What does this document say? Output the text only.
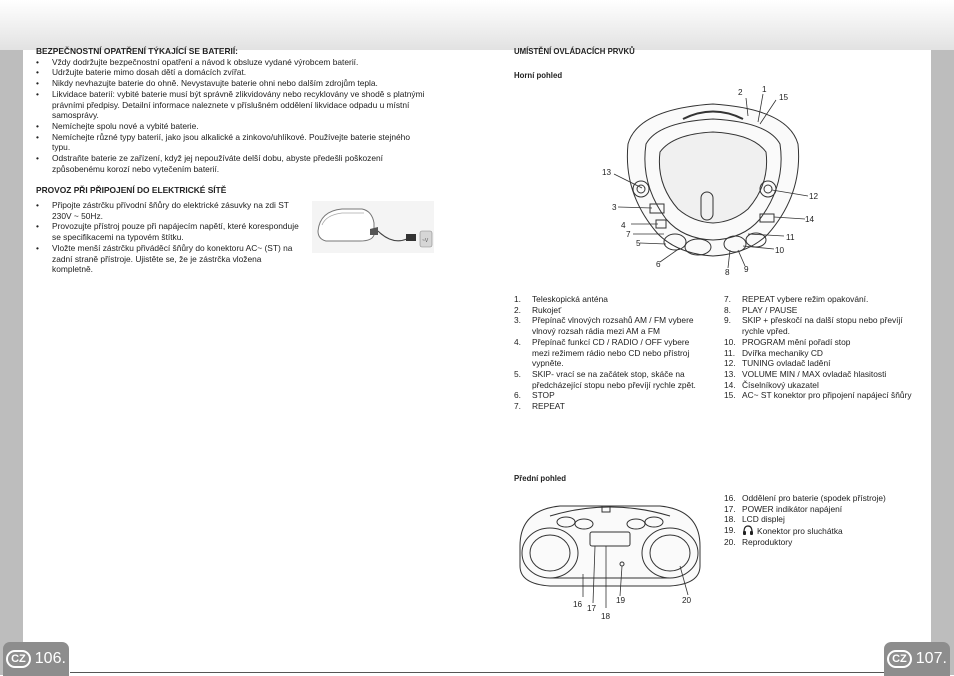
BEZPEČNOSTNÍ OPATŘENÍ TÝKAJÍCÍ SE BATERIÍ:

• Vždy dodržujte bezpečnostní opatření a návod k obsluze vydané výrobcem baterií.
• Udržujte baterie mimo dosah dětí a domácích zvířat.
• Nikdy nevhazujte baterie do ohně. Nevystavujte baterie ohni nebo dalším zdrojům tepla.
• Likvidace baterií: vybité baterie musí být správně zlikvidovány nebo recyklovány ve shodě s platnými právními předpisy. Detailní informace naleznete v příslušném oddělení likvidace odpadu u místní samosprávy.
• Nemíchejte spolu nové a vybité baterie.
• Nemíchejte různé typy baterií, jako jsou alkalické a zinkovo/uhlíkové. Používejte baterie stejného typu.
• Odstraňte baterie ze zařízení, když jej nepoužíváte delší dobu, abyste předešli poškození způsobenému korozí nebo vytečením baterií.

PROVOZ PŘI PŘIPOJENÍ DO ELEKTRICKÉ SÍTĚ

• Připojte zástrčku přívodní šňůry do elektrické zásuvky na zdi ST 230V ~ 50Hz.
• Provozujte přístroj pouze při napájecím napětí, které koresponduje se specifikacemi na typovém štítku.
• Vložte menší zástrčku přiváděcí šňůry do konektoru AC~ (ST) na zadní straně přístroje. Ujistěte se, že je zástrčka vložena kompletně.
~V
UMÍSTĚNÍ OVLÁDACÍCH PRVKŮ
Horní pohled
1
2
15
13
12
3
14
4
7	11
5
10
6
8 9
1. Teleskopická anténa
2. Rukojeť
3. Přepínač vlnových rozsahů AM / FM vybere vlnový rozsah rádia mezi AM a FM
4. Přepínač funkcí CD / RADIO / OFF vybere mezi režimem rádio nebo CD nebo přístroj vypněte.
5. SKIP- vrací se na začátek stop, skáče na předcházející stopu nebo převíjí rychle zpět.
6. STOP
7. REPEAT
7. REPEAT vybere režim opakování.
8. PLAY / PAUSE
9. SKIP + přeskočí na další stopu nebo převíjí rychle vpřed.
10. PROGRAM mění pořadí stop
11. Dvířka mechaniky CD
12. TUNING ovladač ladění
13. VOLUME MIN / MAX ovladač hlasitosti
14. Číselníkový ukazatel
15. AC~ ST konektor pro připojení napájecí šňůry
Přední pohled
16 17
18
19	20
16. Oddělení pro baterie (spodek přístroje)
17. POWER indikátor napájení
18. LCD displej
19.	Konektor pro sluchátka
20. Reproduktory
CZ 106.	CZ 107.
